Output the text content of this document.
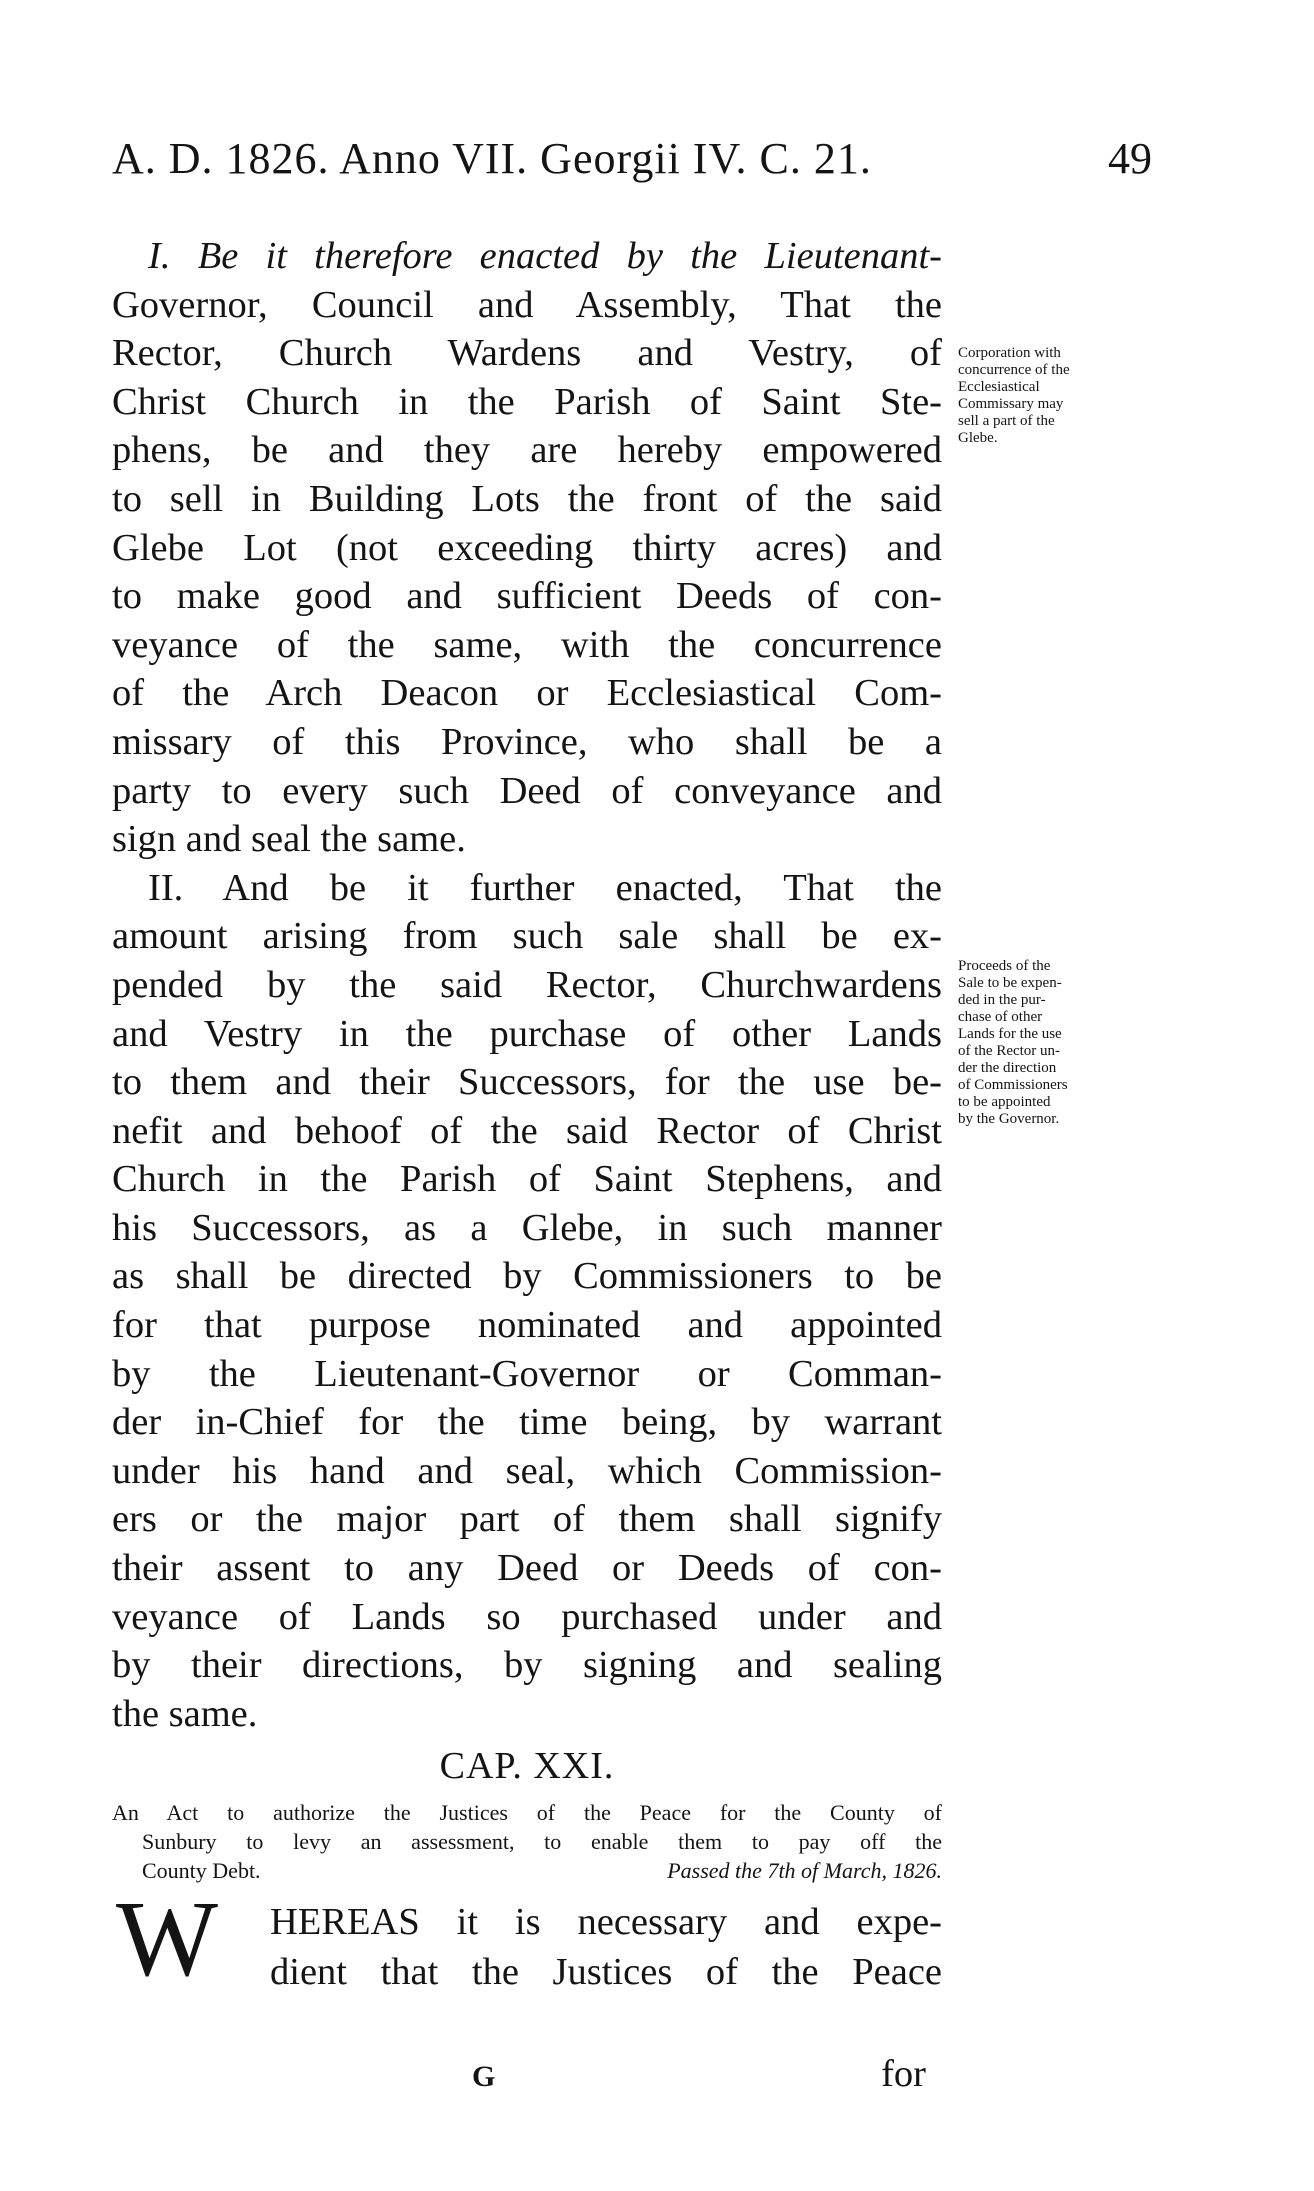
A. D. 1826. Anno VII. Georgii IV. C. 21.	49
I. Be it therefore enacted by the Lieutenant-
Governor, Council and Assembly, That the
Rector, Church Wardens and Vestry, of
Christ Church in the Parish of Saint Ste-
phens, be and they are hereby empowered
to sell in Building Lots the front of the said
Glebe Lot (not exceeding thirty acres) and
to make good and sufficient Deeds of con-
veyance of the same, with the concurrence
of the Arch Deacon or Ecclesiastical Com-
missary of this Province, who shall be a
party to every such Deed of conveyance and
sign and seal the same.
II. And be it further enacted, That the
amount arising from such sale shall be ex-
pended by the said Rector, Churchwardens
and Vestry in the purchase of other Lands
to them and their Successors, for the use be-
nefit and behoof of the said Rector of Christ
Church in the Parish of Saint Stephens, and
his Successors, as a Glebe, in such manner
as shall be directed by Commissioners to be
for that purpose nominated and appointed
by the Lieutenant-Governor or Comman-
der in-Chief for the time being, by warrant
under his hand and seal, which Commission-
ers or the major part of them shall signify
their assent to any Deed or Deeds of con-
veyance of Lands so purchased under and
by their directions, by signing and sealing
the same.
Corporation with
concurrence of the
Ecclesiastical
Commissary may
sell a part of the
Glebe.
Proceeds of the
Sale to be expen-
ded in the pur-
chase of other
Lands for the use
of the Rector un-
der the direction
of Commissioners
to be appointed
by the Governor.
CAP. XXI.
An Act to authorize the Justices of the Peace for the County of
Sunbury to levy an assessment, to enable them to pay off the
County Debt.	Passed the 7th of March, 1826.
W HEREAS it is necessary and expe-
dient that the Justices of the Peace
G	for
